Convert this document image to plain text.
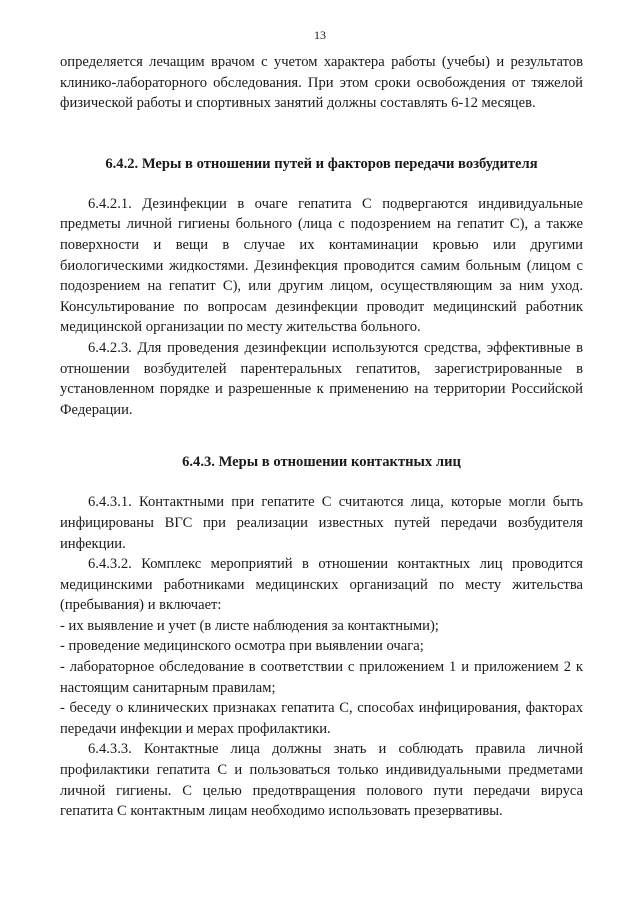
13

определяется лечащим врачом с учетом характера работы (учебы) и результатов клинико-лабораторного обследования. При этом сроки освобождения от тяжелой физической работы и спортивных занятий должны составлять 6-12 месяцев.

6.4.2. Меры в отношении путей и факторов передачи возбудителя

6.4.2.1. Дезинфекции в очаге гепатита С подвергаются индивидуальные предметы личной гигиены больного (лица с подозрением на гепатит С), а также поверхности и вещи в случае их контаминации кровью или другими биологическими жидкостями. Дезинфекция проводится самим больным (лицом с подозрением на гепатит С), или другим лицом, осуществляющим за ним уход. Консультирование по вопросам дезинфекции проводит медицинский работник медицинской организации по месту жительства больного.

6.4.2.3. Для проведения дезинфекции используются средства, эффективные в отношении возбудителей парентеральных гепатитов, зарегистрированные в установленном порядке и разрешенные к применению на территории Российской Федерации.

6.4.3. Меры в отношении контактных лиц

6.4.3.1. Контактными при гепатите С считаются лица, которые могли быть инфицированы ВГС при реализации известных путей передачи возбудителя инфекции.

6.4.3.2. Комплекс мероприятий в отношении контактных лиц проводится медицинскими работниками медицинских организаций по месту жительства (пребывания) и включает:

- их выявление и учет (в листе наблюдения за контактными);

- проведение медицинского осмотра при выявлении очага;

- лабораторное обследование в соответствии с приложением 1 и приложением 2 к настоящим санитарным правилам;

- беседу о клинических признаках гепатита С, способах инфицирования, факторах передачи инфекции и мерах профилактики.

6.4.3.3. Контактные лица должны знать и соблюдать правила личной профилактики гепатита С и пользоваться только индивидуальными предметами личной гигиены. С целью предотвращения полового пути передачи вируса гепатита С контактным лицам необходимо использовать презервативы.
